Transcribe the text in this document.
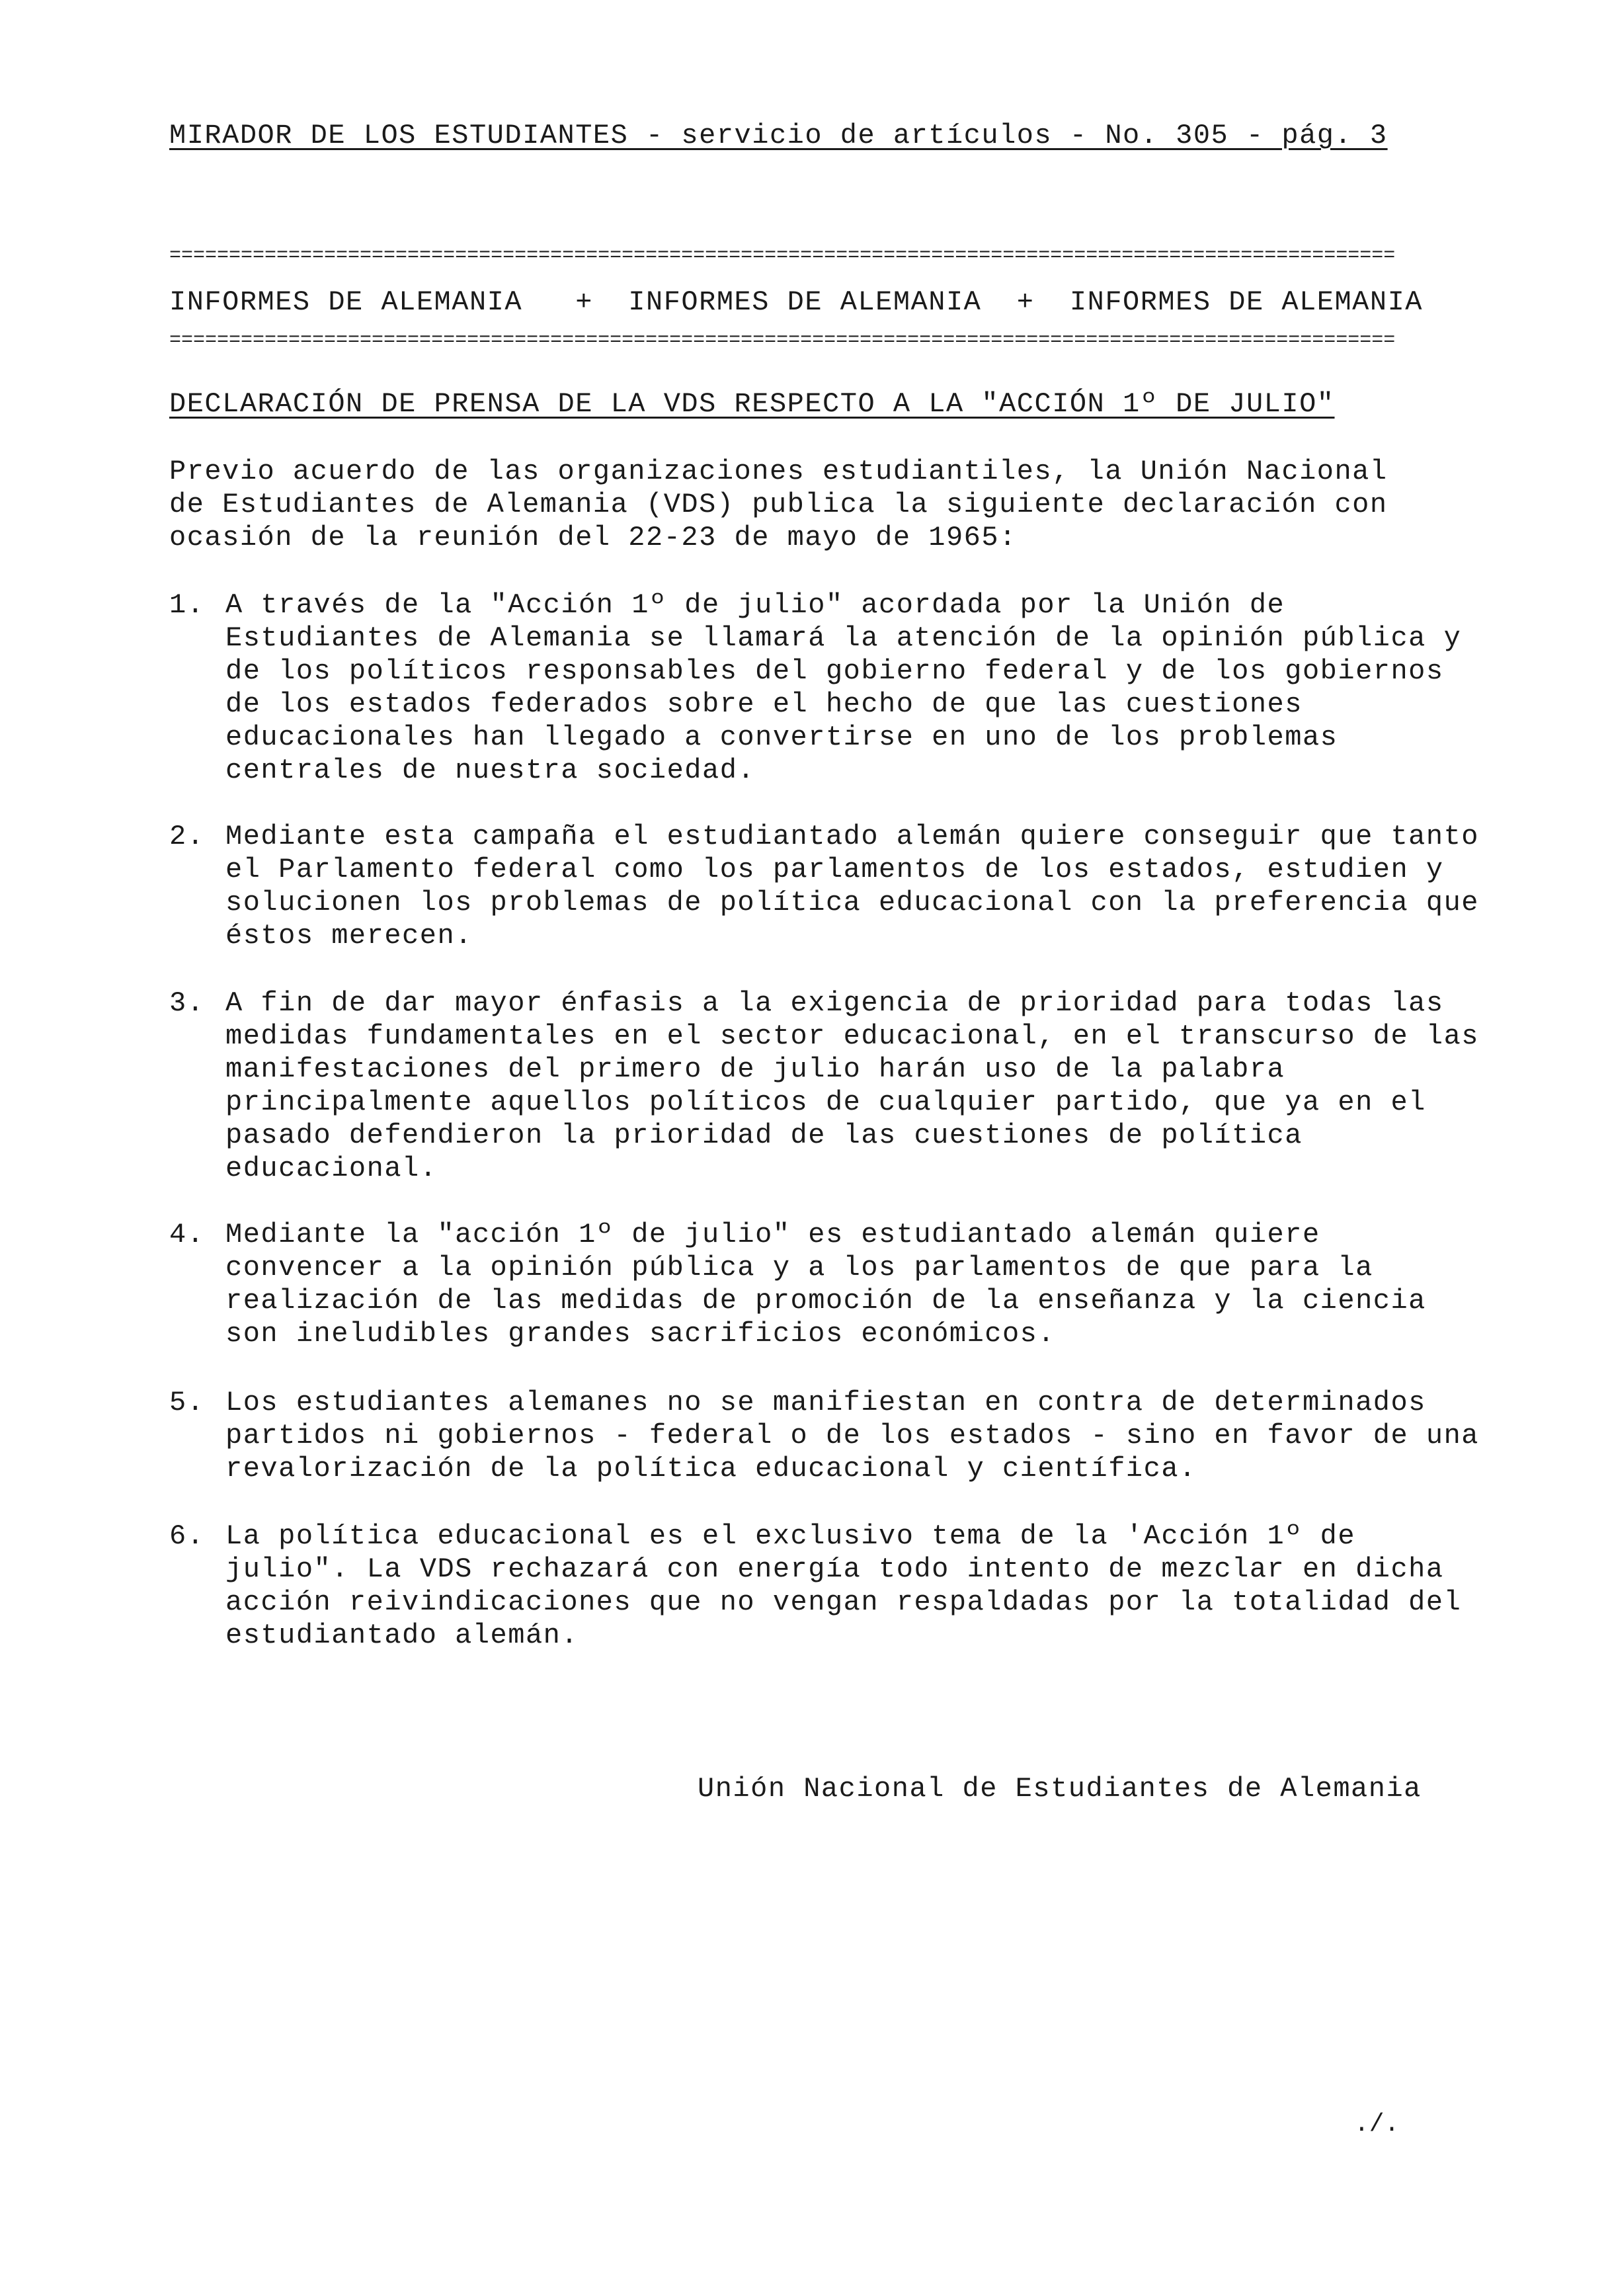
MIRADOR DE LOS ESTUDIANTES - servicio de artículos - No. 305 - pág. 3
=======================================================================================================
INFORMES DE ALEMANIA   +  INFORMES DE ALEMANIA  +  INFORMES DE ALEMANIA
=======================================================================================================
DECLARACIÓN DE PRENSA DE LA VDS RESPECTO A LA "ACCIÓN 1º DE JULIO"
Previo acuerdo de las organizaciones estudiantiles, la Unión Nacional de Estudiantes de Alemania (VDS) publica la siguiente declaración con ocasión de la reunión del 22-23 de mayo de 1965:
1. A través de la "Acción 1º de julio" acordada por la Unión de Estudiantes de Alemania se llamará la atención de la opinión pública y de los políticos responsables del gobierno federal y de los gobiernos de los estados federados sobre el hecho de que las cuestiones educacionales han llegado a convertirse en uno de los problemas centrales de nuestra sociedad.
2. Mediante esta campaña el estudiantado alemán quiere conseguir que tanto el Parlamento federal como los parlamentos de los estados, estudien y solucionen los problemas de política educacional con la preferencia que éstos merecen.
3. A fin de dar mayor énfasis a la exigencia de prioridad para todas las medidas fundamentales en el sector educacional, en el transcurso de las manifestaciones del primero de julio harán uso de la palabra principalmente aquellos políticos de cualquier partido, que ya en el pasado defendieron la prioridad de las cuestiones de política educacional.
4. Mediante la "acción 1º de julio" es estudiantado alemán quiere convencer a la opinión pública y a los parlamentos de que para la realización de las medidas de promoción de la enseñanza y la ciencia son ineludibles grandes sacrificios económicos.
5. Los estudiantes alemanes no se manifiestan en contra de determinados partidos ni gobiernos - federal o de los estados - sino en favor de una revalorización de la política educacional y científica.
6. La política educacional es el exclusivo tema de la 'Acción 1º de julio". La VDS rechazará con energía todo intento de mezclar en dicha acción reivindicaciones que no vengan respaldadas por la totalidad del estudiantado alemán.
Unión Nacional de Estudiantes de Alemania
./.
